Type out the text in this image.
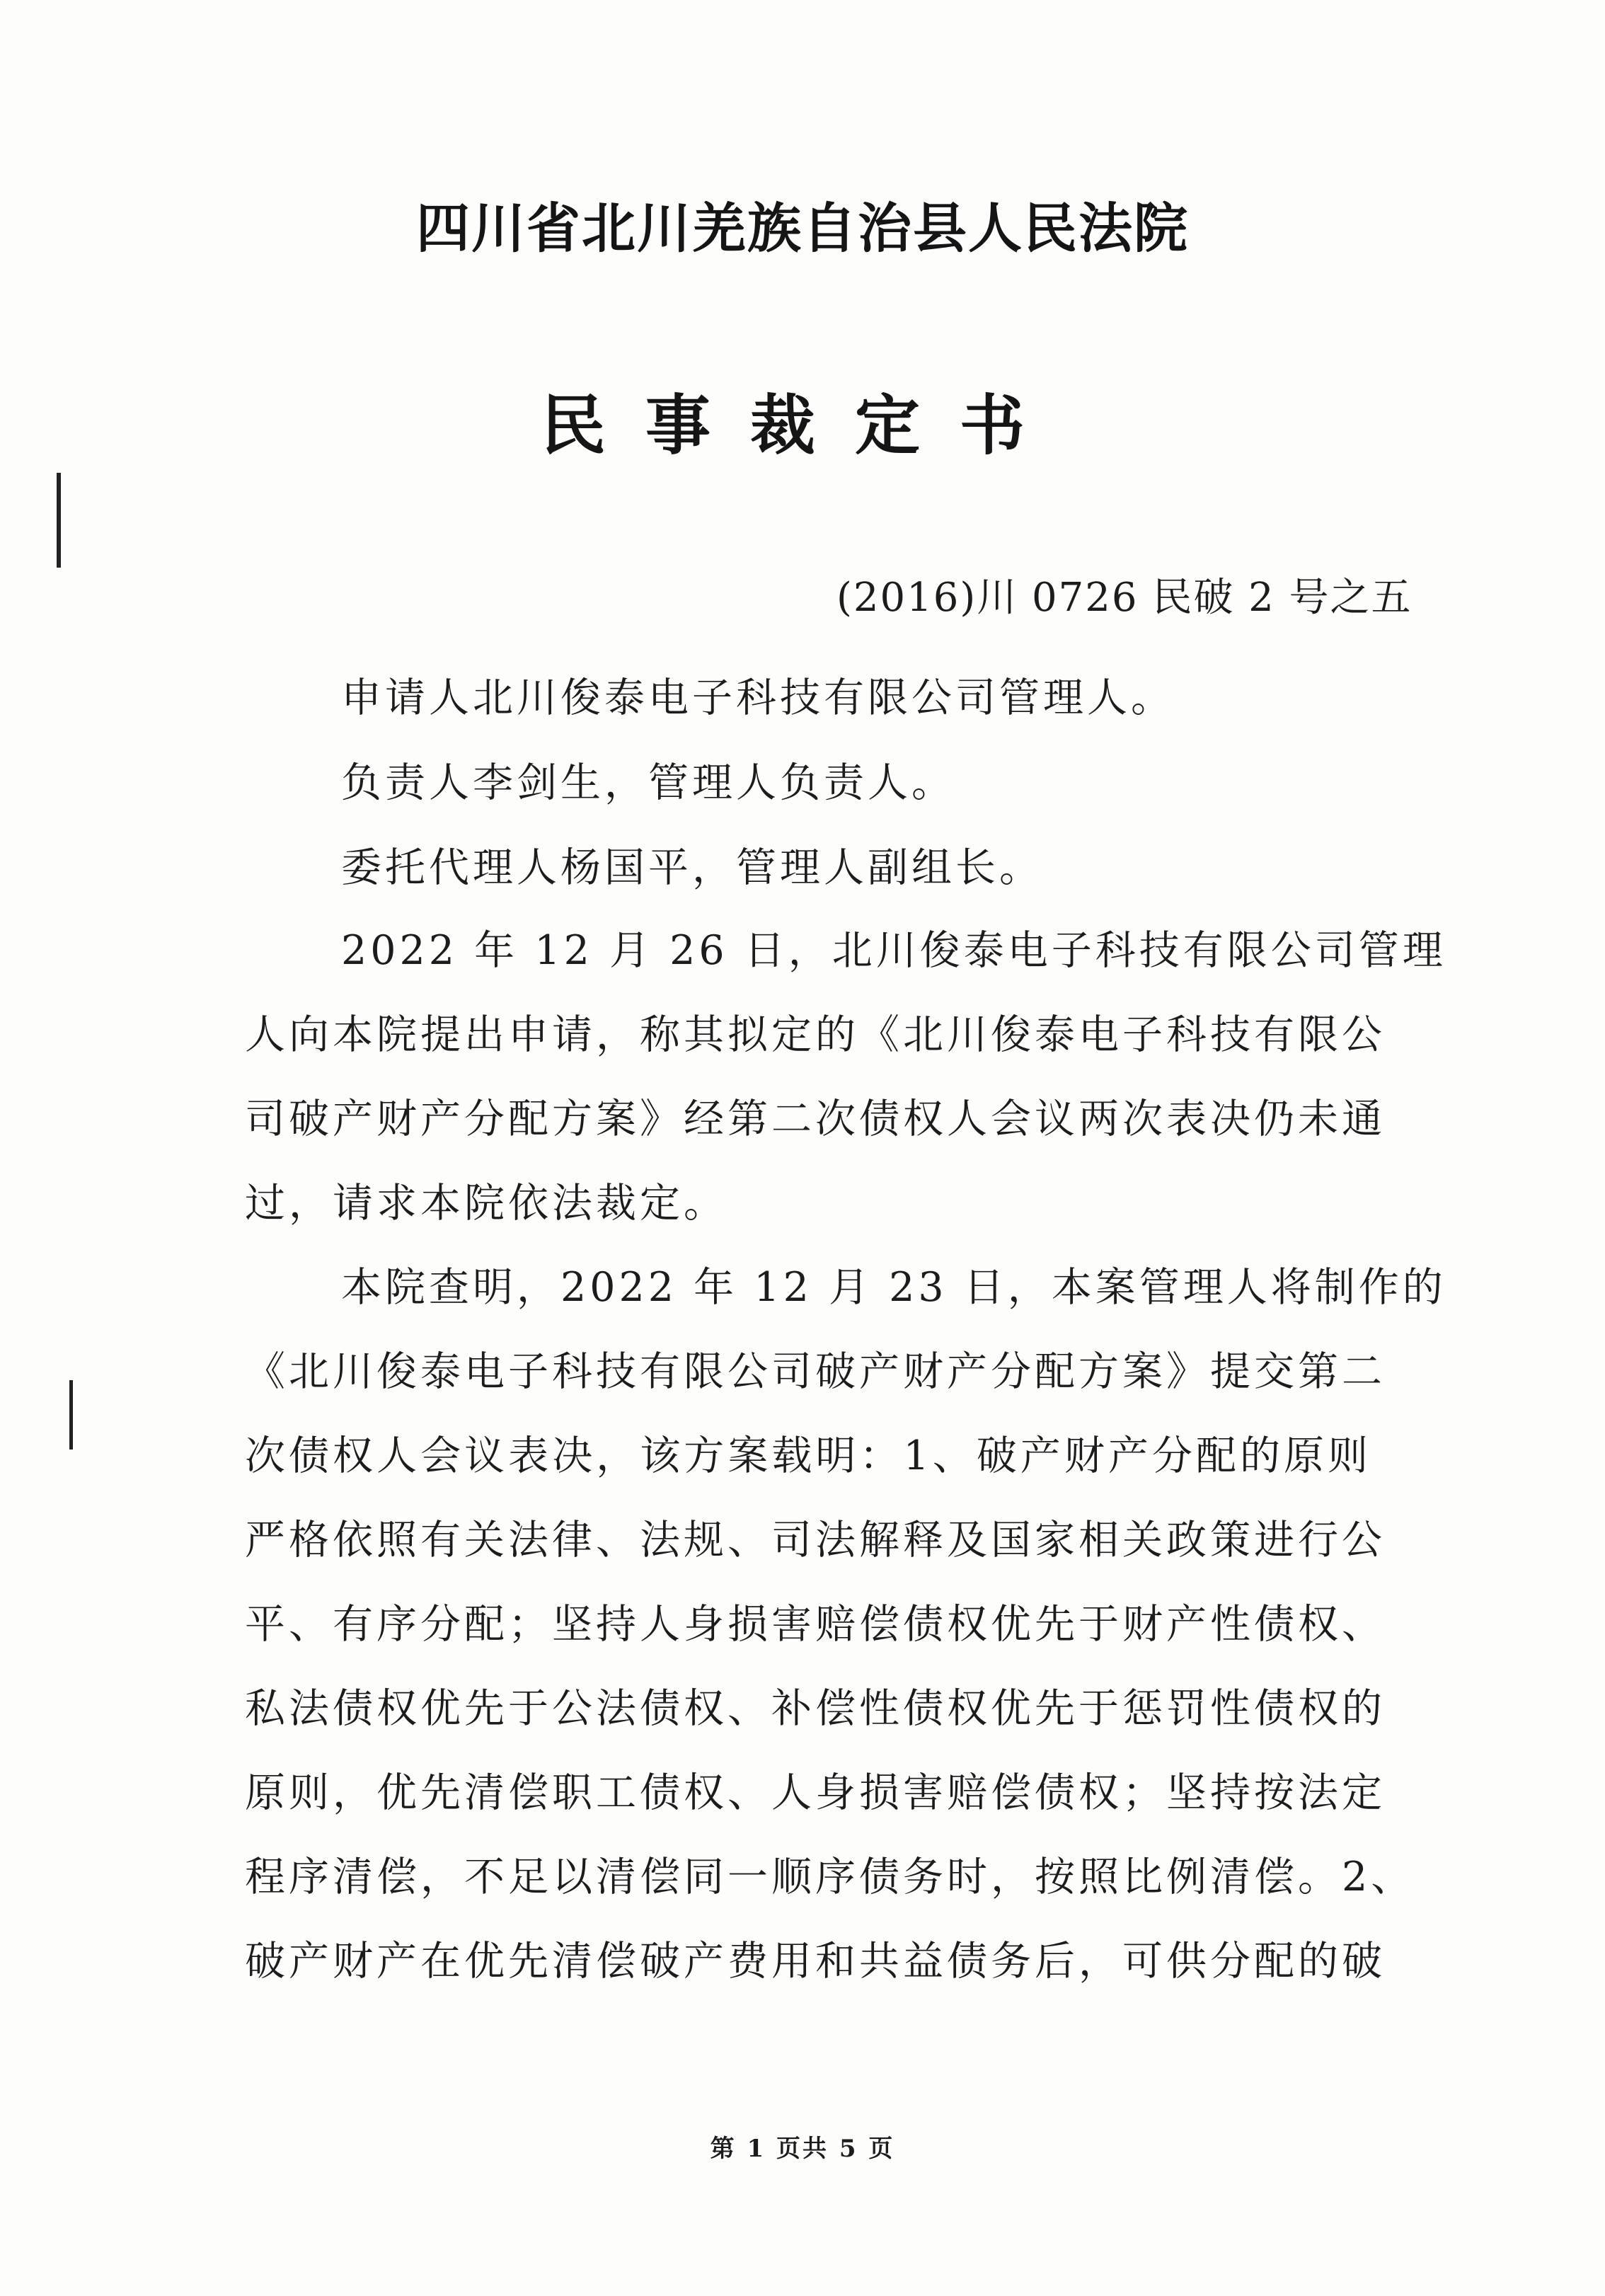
四川省北川羌族自治县人民法院
民事裁定书
(2016)川 0726 民破 2 号之五
申请人北川俊泰电子科技有限公司管理人。
负责人李剑生，管理人负责人。
委托代理人杨国平，管理人副组长。
2022 年 12 月 26 日，北川俊泰电子科技有限公司管理
人向本院提出申请，称其拟定的《北川俊泰电子科技有限公
司破产财产分配方案》经第二次债权人会议两次表决仍未通
过，请求本院依法裁定。
本院查明，2022 年 12 月 23 日，本案管理人将制作的
《北川俊泰电子科技有限公司破产财产分配方案》提交第二
次债权人会议表决，该方案载明：1、破产财产分配的原则
严格依照有关法律、法规、司法解释及国家相关政策进行公
平、有序分配；坚持人身损害赔偿债权优先于财产性债权、
私法债权优先于公法债权、补偿性债权优先于惩罚性债权的
原则，优先清偿职工债权、人身损害赔偿债权；坚持按法定
程序清偿，不足以清偿同一顺序债务时，按照比例清偿。2、
破产财产在优先清偿破产费用和共益债务后，可供分配的破
第 1 页共 5 页
